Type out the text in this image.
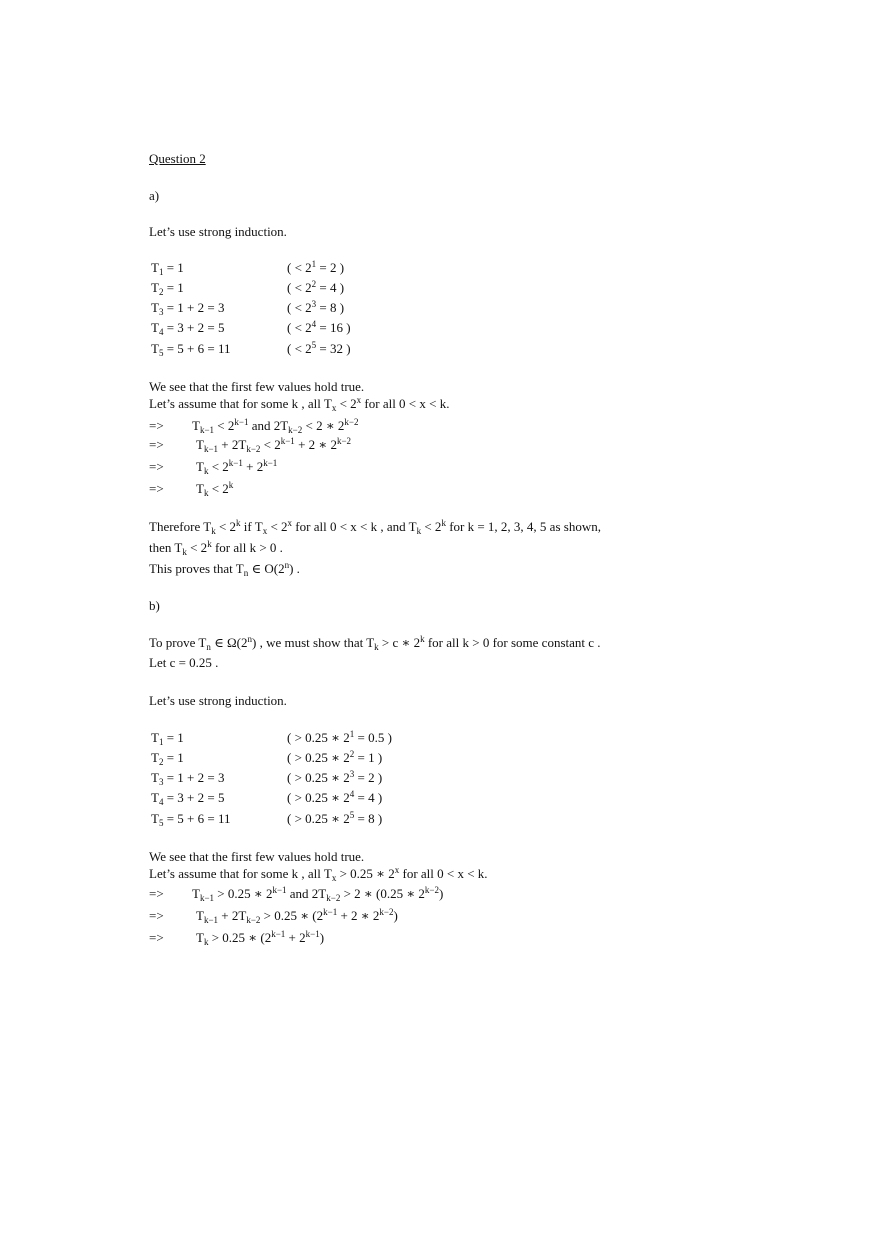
Question 2
a)
Let’s use strong induction.
$T_1 = 1$	( < $2^1 = 2$ )
$T_2 = 1$	( < $2^2 = 4$ )
$T_3 = 1 + 2 = 3$	( < $2^3 = 8$ )
$T_4 = 3 + 2 = 5$	( < $2^4 = 16$ )
$T_5 = 5 + 6 = 11$	( < $2^5 = 32$ )
We see that the first few values hold true.
Let’s assume that for some k , all $T_x < 2^x$ for all 0 < x < k.
=> $T_{k-1} < 2^{k-1}$ and $2T_{k-2} < 2$ ∗ $2^{k-2}$
=> $T_{k-1} + 2T_{k-2} < 2^{k-1} + 2$ ∗ $2^{k-2}$
=> $T_k < 2^{k-1} + 2^{k-1}$
=> $T_k < 2^k$
Therefore $T_k < 2^k$ if $T_x < 2^x$ for all 0 < x < k , and $T_k < 2^k$ for k = 1, 2, 3, 4, 5 as shown,
then $T_k < 2^k$ for all k > 0 .
This proves that $T_n$ ∈ O(2$^n$) .
b)
To prove $T_n$ ∈ Ω(2$^n$) , we must show that $T_k > c$ ∗ 2$^k$ for all k > 0 for some constant c .
Let c = 0.25 .
Let’s use strong induction.
$T_1 = 1$	( > 0.25 ∗ $2^1 = 0.5$ )
$T_2 = 1$	( > 0.25 ∗ $2^2 = 1$ )
$T_3 = 1 + 2 = 3$	( > 0.25 ∗ $2^3 = 2$ )
$T_4 = 3 + 2 = 5$	( > 0.25 ∗ $2^4 = 4$ )
$T_5 = 5 + 6 = 11$	( > 0.25 ∗ $2^5 = 8$ )
We see that the first few values hold true.
Let’s assume that for some k , all $T_x > 0.25$ ∗ 2$^x$ for all 0 < x < k.
=> $T_{k-1} > 0.25$ ∗ $2^{k-1}$ and $2T_{k-2} > 2$ ∗ (0.25 ∗ $2^{k-2}$)
=> $T_{k-1} + 2T_{k-2} > 0.25$ ∗ ($2^{k-1} + 2$ ∗ $2^{k-2}$)
=> $T_k > 0.25$ ∗ $(2^{k-1} + 2^{k-1})$
